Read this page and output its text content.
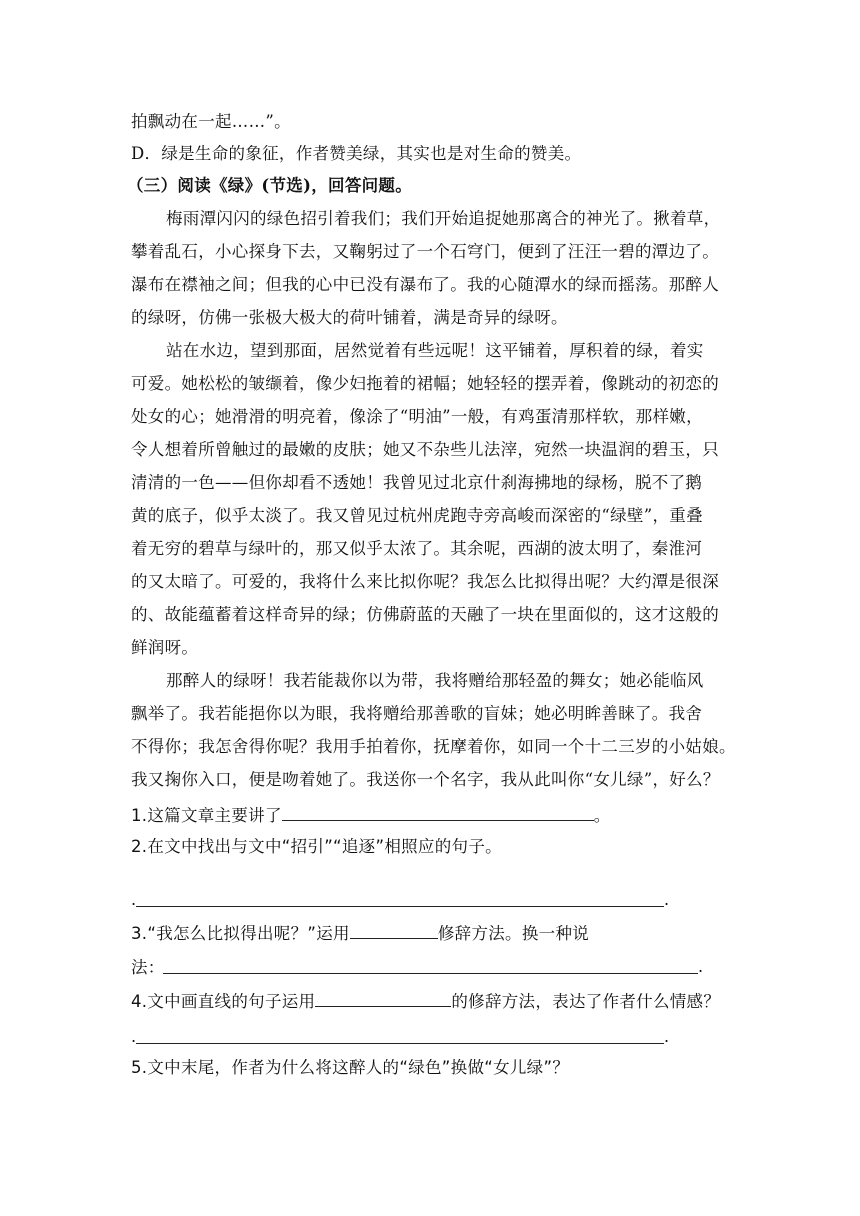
拍飘动在一起……”。
D．绿是生命的象征，作者赞美绿，其实也是对生命的赞美。
（三）阅读《绿》(节选)，回答问题。
梅雨潭闪闪的绿色招引着我们；我们开始追捉她那离合的神光了。揪着草，
攀着乱石，小心探身下去，又鞠躬过了一个石穹门，便到了汪汪一碧的潭边了。
瀑布在襟袖之间；但我的心中已没有瀑布了。我的心随潭水的绿而摇荡。那醉人
的绿呀，仿佛一张极大极大的荷叶铺着，满是奇异的绿呀。
站在水边，望到那面，居然觉着有些远呢！这平铺着，厚积着的绿，着实
可爱。她松松的皱缬着，像少妇拖着的裙幅；她轻轻的摆弄着，像跳动的初恋的
处女的心；她滑滑的明亮着，像涂了“明油”一般，有鸡蛋清那样软，那样嫩，
令人想着所曾触过的最嫩的皮肤；她又不杂些儿法滓，宛然一块温润的碧玉，只
清清的一色——但你却看不透她！我曾见过北京什刹海拂地的绿杨，脱不了鹅
黄的底子，似乎太淡了。我又曾见过杭州虎跑寺旁高峻而深密的“绿壁”，重叠
着无穷的碧草与绿叶的，那又似乎太浓了。其余呢，西湖的波太明了，秦淮河
的又太暗了。可爱的，我将什么来比拟你呢？我怎么比拟得出呢？大约潭是很深
的、故能蕴蓄着这样奇异的绿；仿佛蔚蓝的天融了一块在里面似的，这才这般的
鲜润呀。
那醉人的绿呀！我若能裁你以为带，我将赠给那轻盈的舞女；她必能临风
飘举了。我若能挹你以为眼，我将赠给那善歌的盲妹；她必明眸善睐了。我舍
不得你；我怎舍得你呢？我用手拍着你，抚摩着你，如同一个十二三岁的小姑娘。
我又掬你入口，便是吻着她了。我送你一个名字，我从此叫你“女儿绿”，好么？
1.这篇文章主要讲了	。
2.在文中找出与文中“招引”“追逐”相照应的句子。
.	.
3.“我怎么比拟得出呢？”运用	修辞方法。换一种说
法：	.
4.文中画直线的句子运用	的修辞方法，表达了作者什么情感？
.	.
5.文中末尾，作者为什么将这醉人的“绿色”换做“女儿绿”？
